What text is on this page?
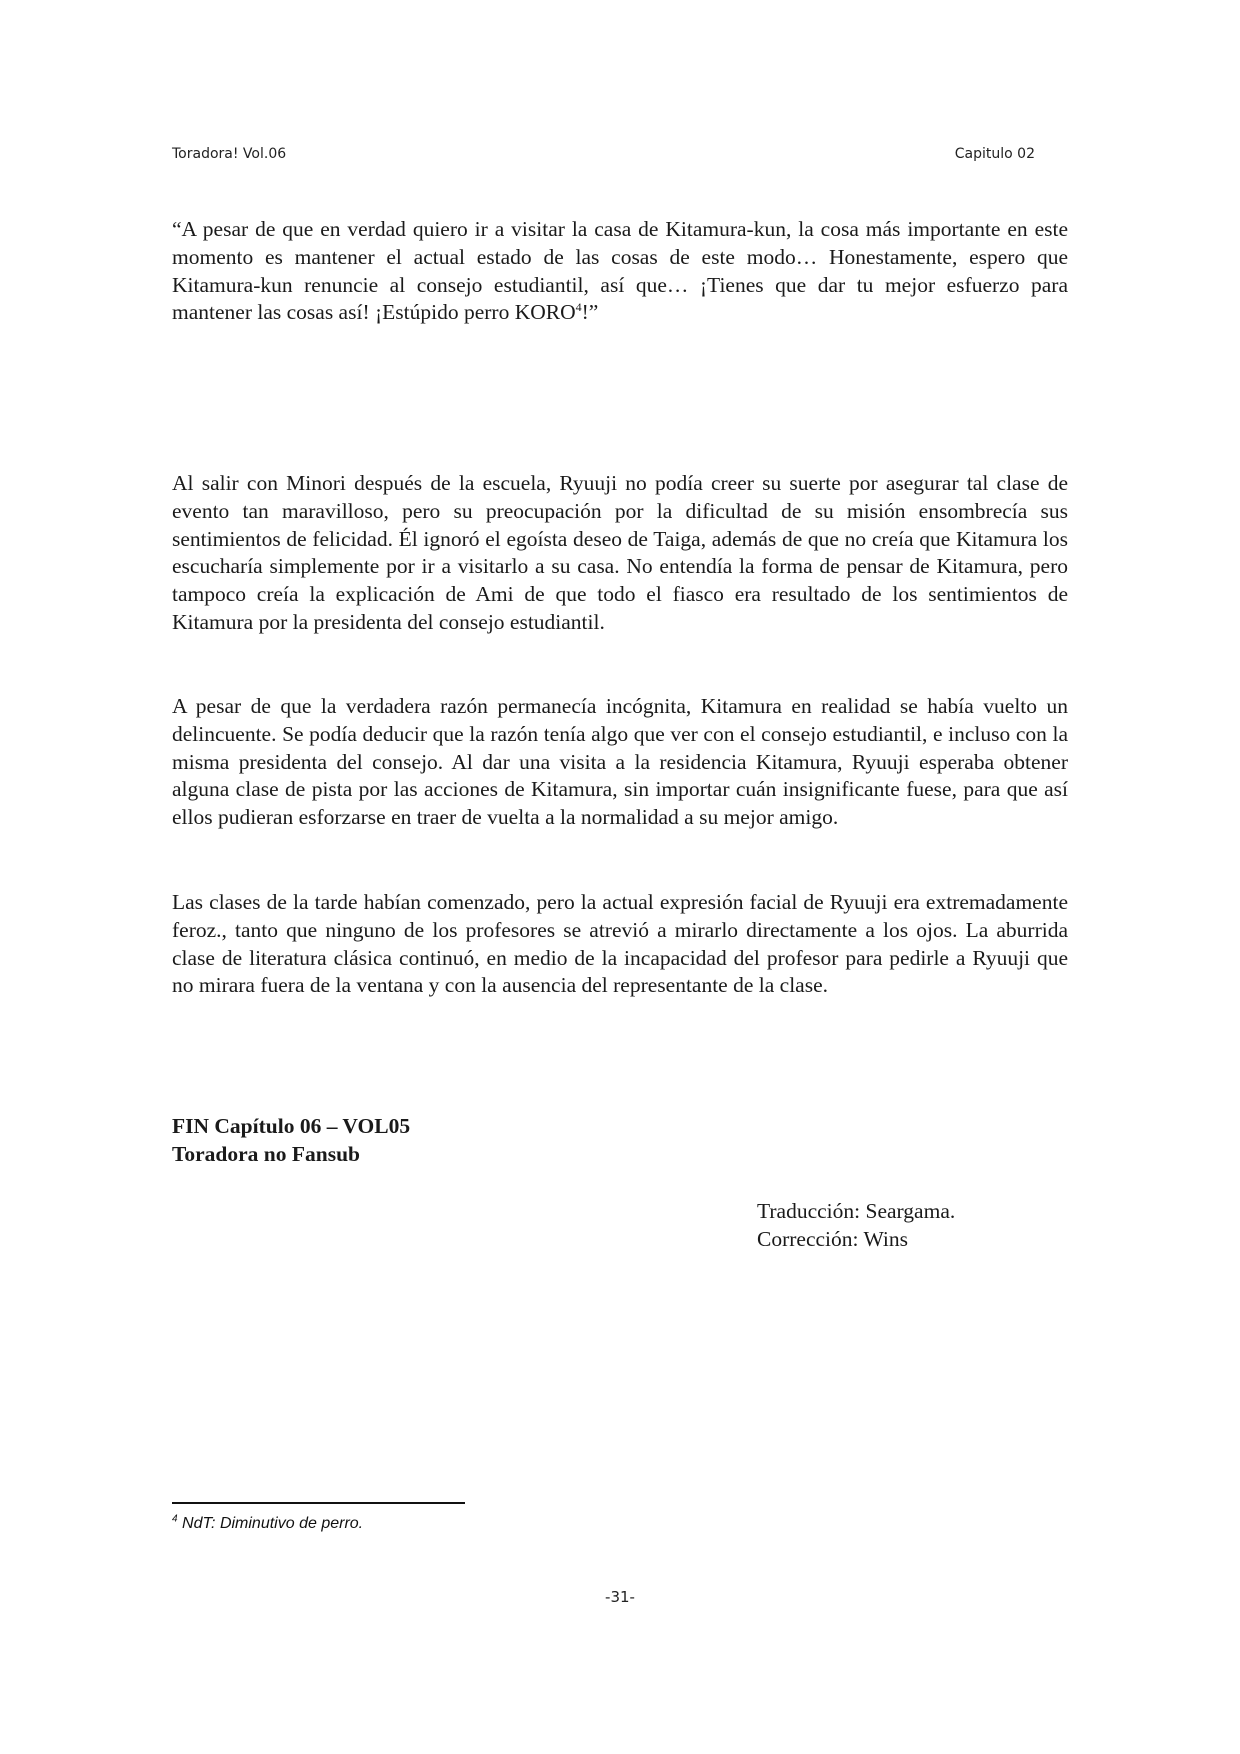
Toradora! Vol.06	Capitulo 02

“A pesar de que en verdad quiero ir a visitar la casa de Kitamura-kun, la cosa más importante en este momento es mantener el actual estado de las cosas de este modo… Honestamente, espero que Kitamura-kun renuncie al consejo estudiantil, así que… ¡Tienes que dar tu mejor esfuerzo para mantener las cosas así! ¡Estúpido perro KORO$^4$!”

Al salir con Minori después de la escuela, Ryuuji no podía creer su suerte por asegurar tal clase de evento tan maravilloso, pero su preocupación por la dificultad de su misión ensombrecía sus sentimientos de felicidad. Él ignoró el egoísta deseo de Taiga, además de que no creía que Kitamura los escucharía simplemente por ir a visitarlo a su casa. No entendía la forma de pensar de Kitamura, pero tampoco creía la explicación de Ami de que todo el fiasco era resultado de los sentimientos de Kitamura por la presidenta del consejo estudiantil.

A pesar de que la verdadera razón permanecía incógnita, Kitamura en realidad se había vuelto un delincuente. Se podía deducir que la razón tenía algo que ver con el consejo estudiantil, e incluso con la misma presidenta del consejo. Al dar una visita a la residencia Kitamura, Ryuuji esperaba obtener alguna clase de pista por las acciones de Kitamura, sin importar cuán insignificante fuese, para que así ellos pudieran esforzarse en traer de vuelta a la normalidad a su mejor amigo.

Las clases de la tarde habían comenzado, pero la actual expresión facial de Ryuuji era extremadamente feroz., tanto que ninguno de los profesores se atrevió a mirarlo directamente a los ojos. La aburrida clase de literatura clásica continuó, en medio de la incapacidad del profesor para pedirle a Ryuuji que no mirara fuera de la ventana y con la ausencia del representante de la clase.

FIN Capítulo 06 – VOL05
Toradora no Fansub
Traducción: Seargama.
Corrección: Wins
$^4$ NdT: Diminutivo de perro.
-31-
